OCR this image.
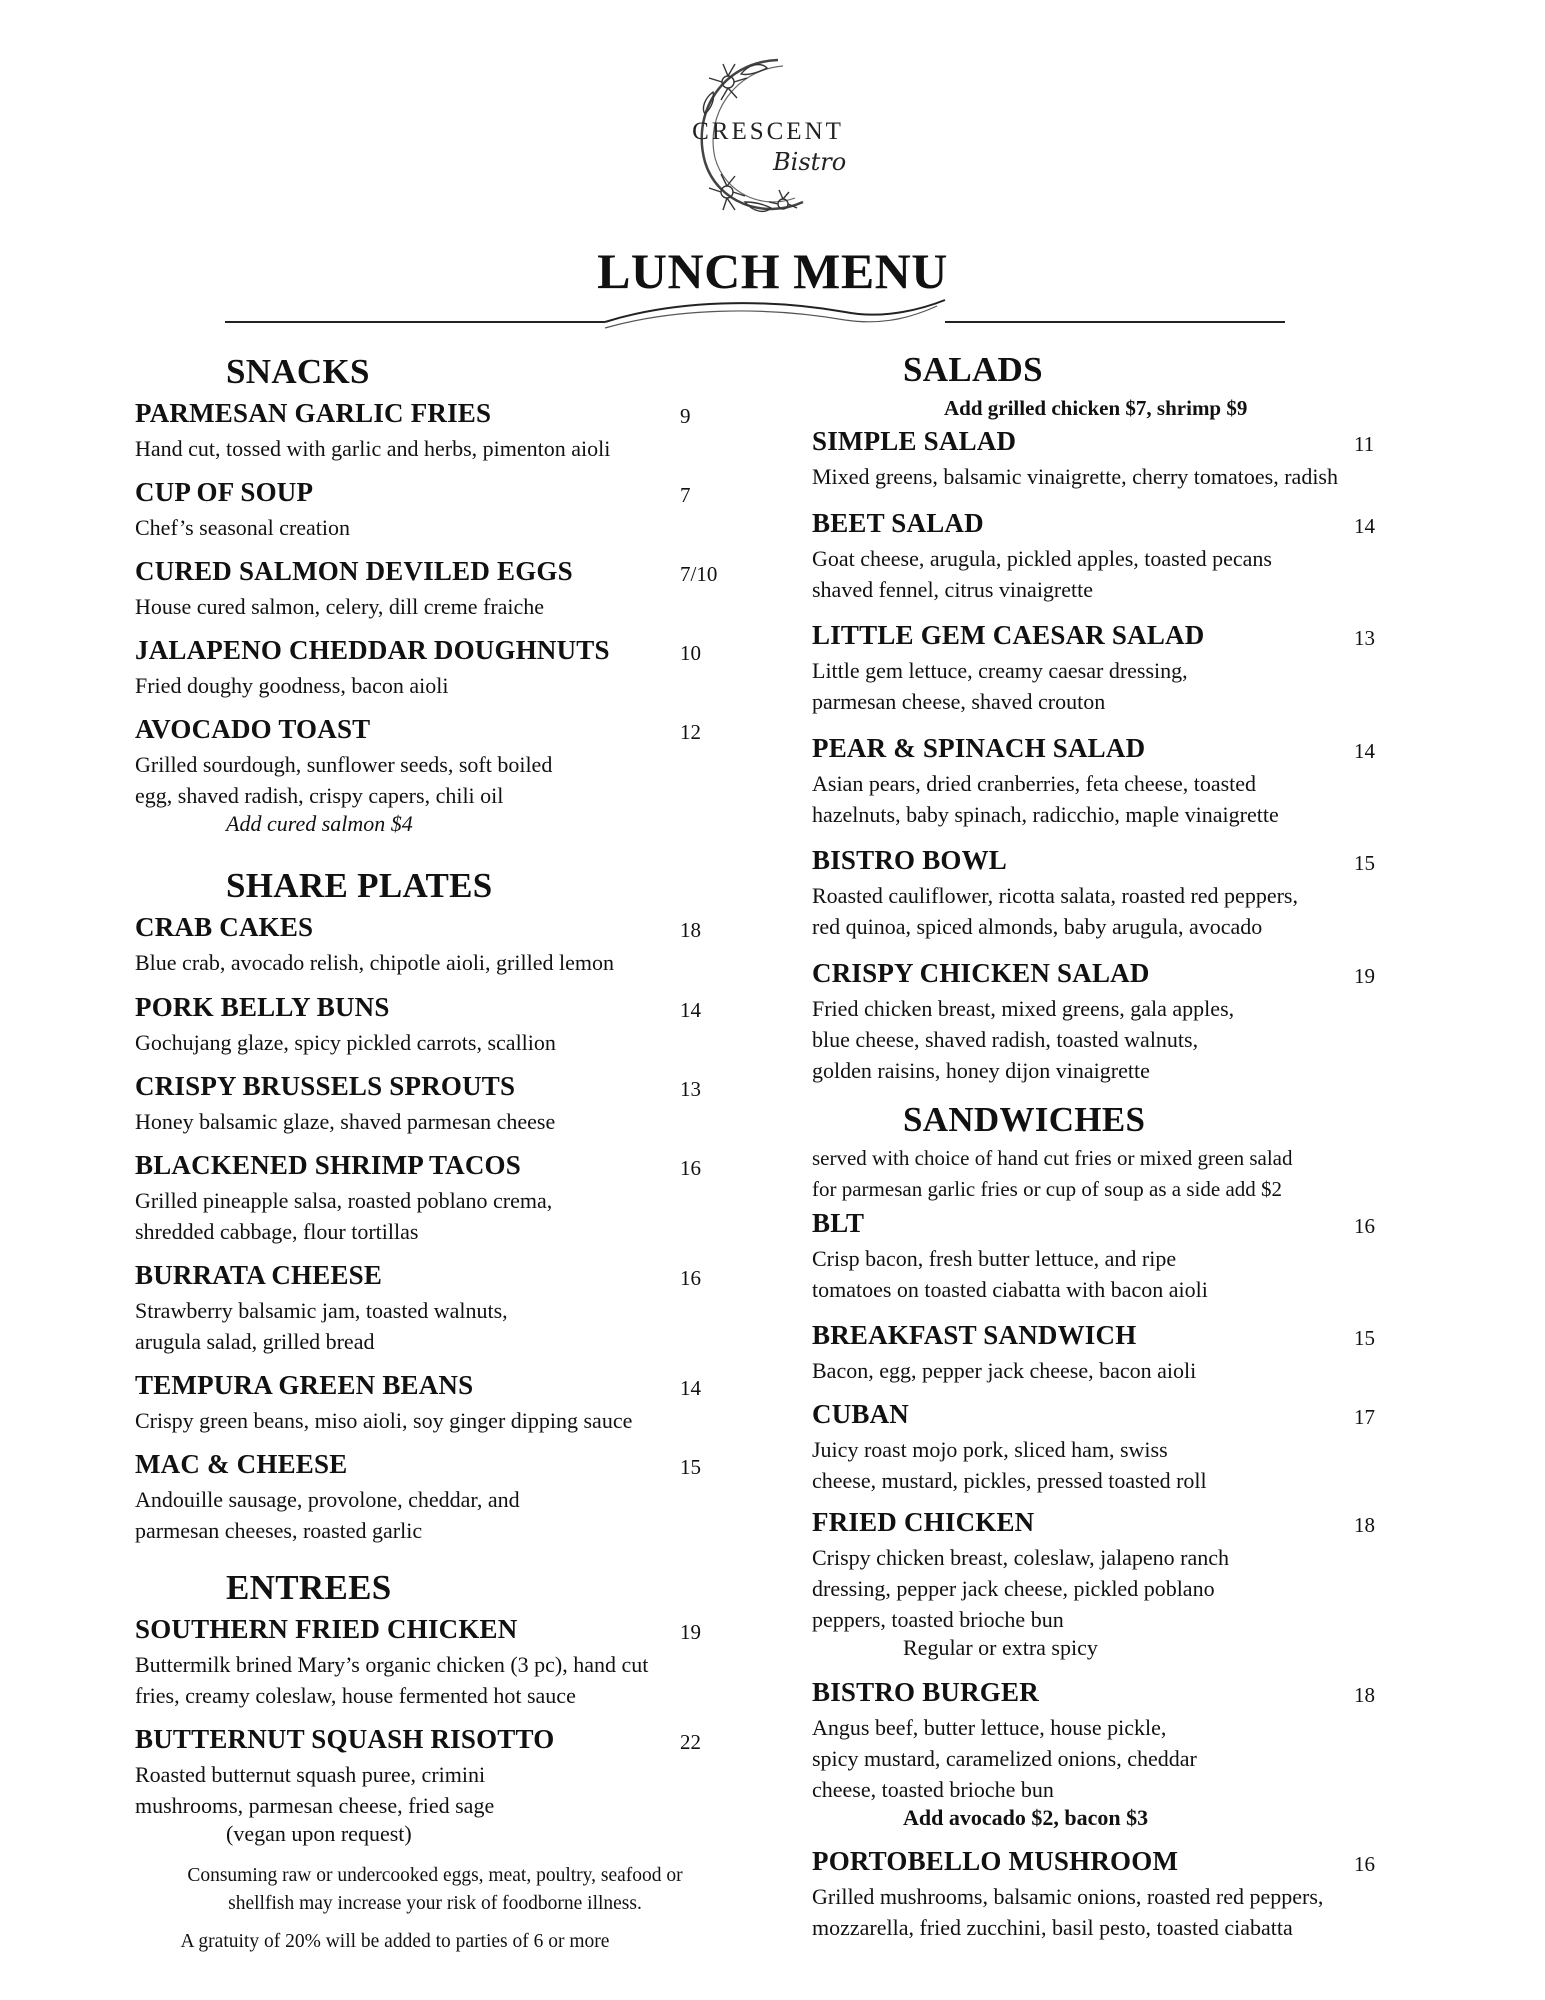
CRESCENT
Bistro
LUNCH MENU
SNACKS
PARMESAN GARLIC FRIES	9
Hand cut, tossed with garlic and herbs, pimenton aioli
CUP OF SOUP	7
Chef’s seasonal creation
CURED SALMON DEVILED EGGS	7/10
House cured salmon, celery, dill creme fraiche
JALAPENO CHEDDAR DOUGHNUTS	10
Fried doughy goodness, bacon aioli
AVOCADO TOAST	12
Grilled sourdough, sunflower seeds, soft boiled
egg, shaved radish, crispy capers, chili oil
Add cured salmon $4
SHARE PLATES
CRAB CAKES	18
Blue crab, avocado relish, chipotle aioli, grilled lemon
PORK BELLY BUNS	14
Gochujang glaze, spicy pickled carrots, scallion
CRISPY BRUSSELS SPROUTS	13
Honey balsamic glaze, shaved parmesan cheese
BLACKENED SHRIMP TACOS	16
Grilled pineapple salsa, roasted poblano crema,
shredded cabbage, flour tortillas
BURRATA CHEESE	16
Strawberry balsamic jam, toasted walnuts,
arugula salad, grilled bread
TEMPURA GREEN BEANS	14
Crispy green beans, miso aioli, soy ginger dipping sauce
MAC & CHEESE	15
Andouille sausage, provolone, cheddar, and
parmesan cheeses, roasted garlic
ENTREES
SOUTHERN FRIED CHICKEN	19
Buttermilk brined Mary’s organic chicken (3 pc), hand cut
fries, creamy coleslaw, house fermented hot sauce
BUTTERNUT SQUASH RISOTTO	22
Roasted butternut squash puree, crimini
mushrooms, parmesan cheese, fried sage
(vegan upon request)
Consuming raw or undercooked eggs, meat, poultry, seafood or
shellfish may increase your risk of foodborne illness.
A gratuity of 20% will be added to parties of 6 or more
SALADS
Add grilled chicken $7, shrimp $9
SIMPLE SALAD	11
Mixed greens, balsamic vinaigrette, cherry tomatoes, radish
BEET SALAD	14
Goat cheese, arugula, pickled apples, toasted pecans
shaved fennel, citrus vinaigrette
LITTLE GEM CAESAR SALAD	13
Little gem lettuce, creamy caesar dressing,
parmesan cheese, shaved crouton
PEAR & SPINACH SALAD	14
Asian pears, dried cranberries, feta cheese, toasted
hazelnuts, baby spinach, radicchio, maple vinaigrette
BISTRO BOWL	15
Roasted cauliflower, ricotta salata, roasted red peppers,
red quinoa, spiced almonds, baby arugula, avocado
CRISPY CHICKEN SALAD	19
Fried chicken breast, mixed greens, gala apples,
blue cheese, shaved radish, toasted walnuts,
golden raisins, honey dijon vinaigrette
SANDWICHES
served with choice of hand cut fries or mixed green salad
for parmesan garlic fries or cup of soup as a side add $2
BLT	16
Crisp bacon, fresh butter lettuce, and ripe
tomatoes on toasted ciabatta with bacon aioli
BREAKFAST SANDWICH	15
Bacon, egg, pepper jack cheese, bacon aioli
CUBAN	17
Juicy roast mojo pork, sliced ham, swiss
cheese, mustard, pickles, pressed toasted roll
FRIED CHICKEN	18
Crispy chicken breast, coleslaw, jalapeno ranch
dressing, pepper jack cheese, pickled poblano
peppers, toasted brioche bun
Regular or extra spicy
BISTRO BURGER	18
Angus beef, butter lettuce, house pickle,
spicy mustard, caramelized onions, cheddar
cheese, toasted brioche bun
Add avocado $2, bacon $3
PORTOBELLO MUSHROOM	16
Grilled mushrooms, balsamic onions, roasted red peppers,
mozzarella, fried zucchini, basil pesto, toasted ciabatta
